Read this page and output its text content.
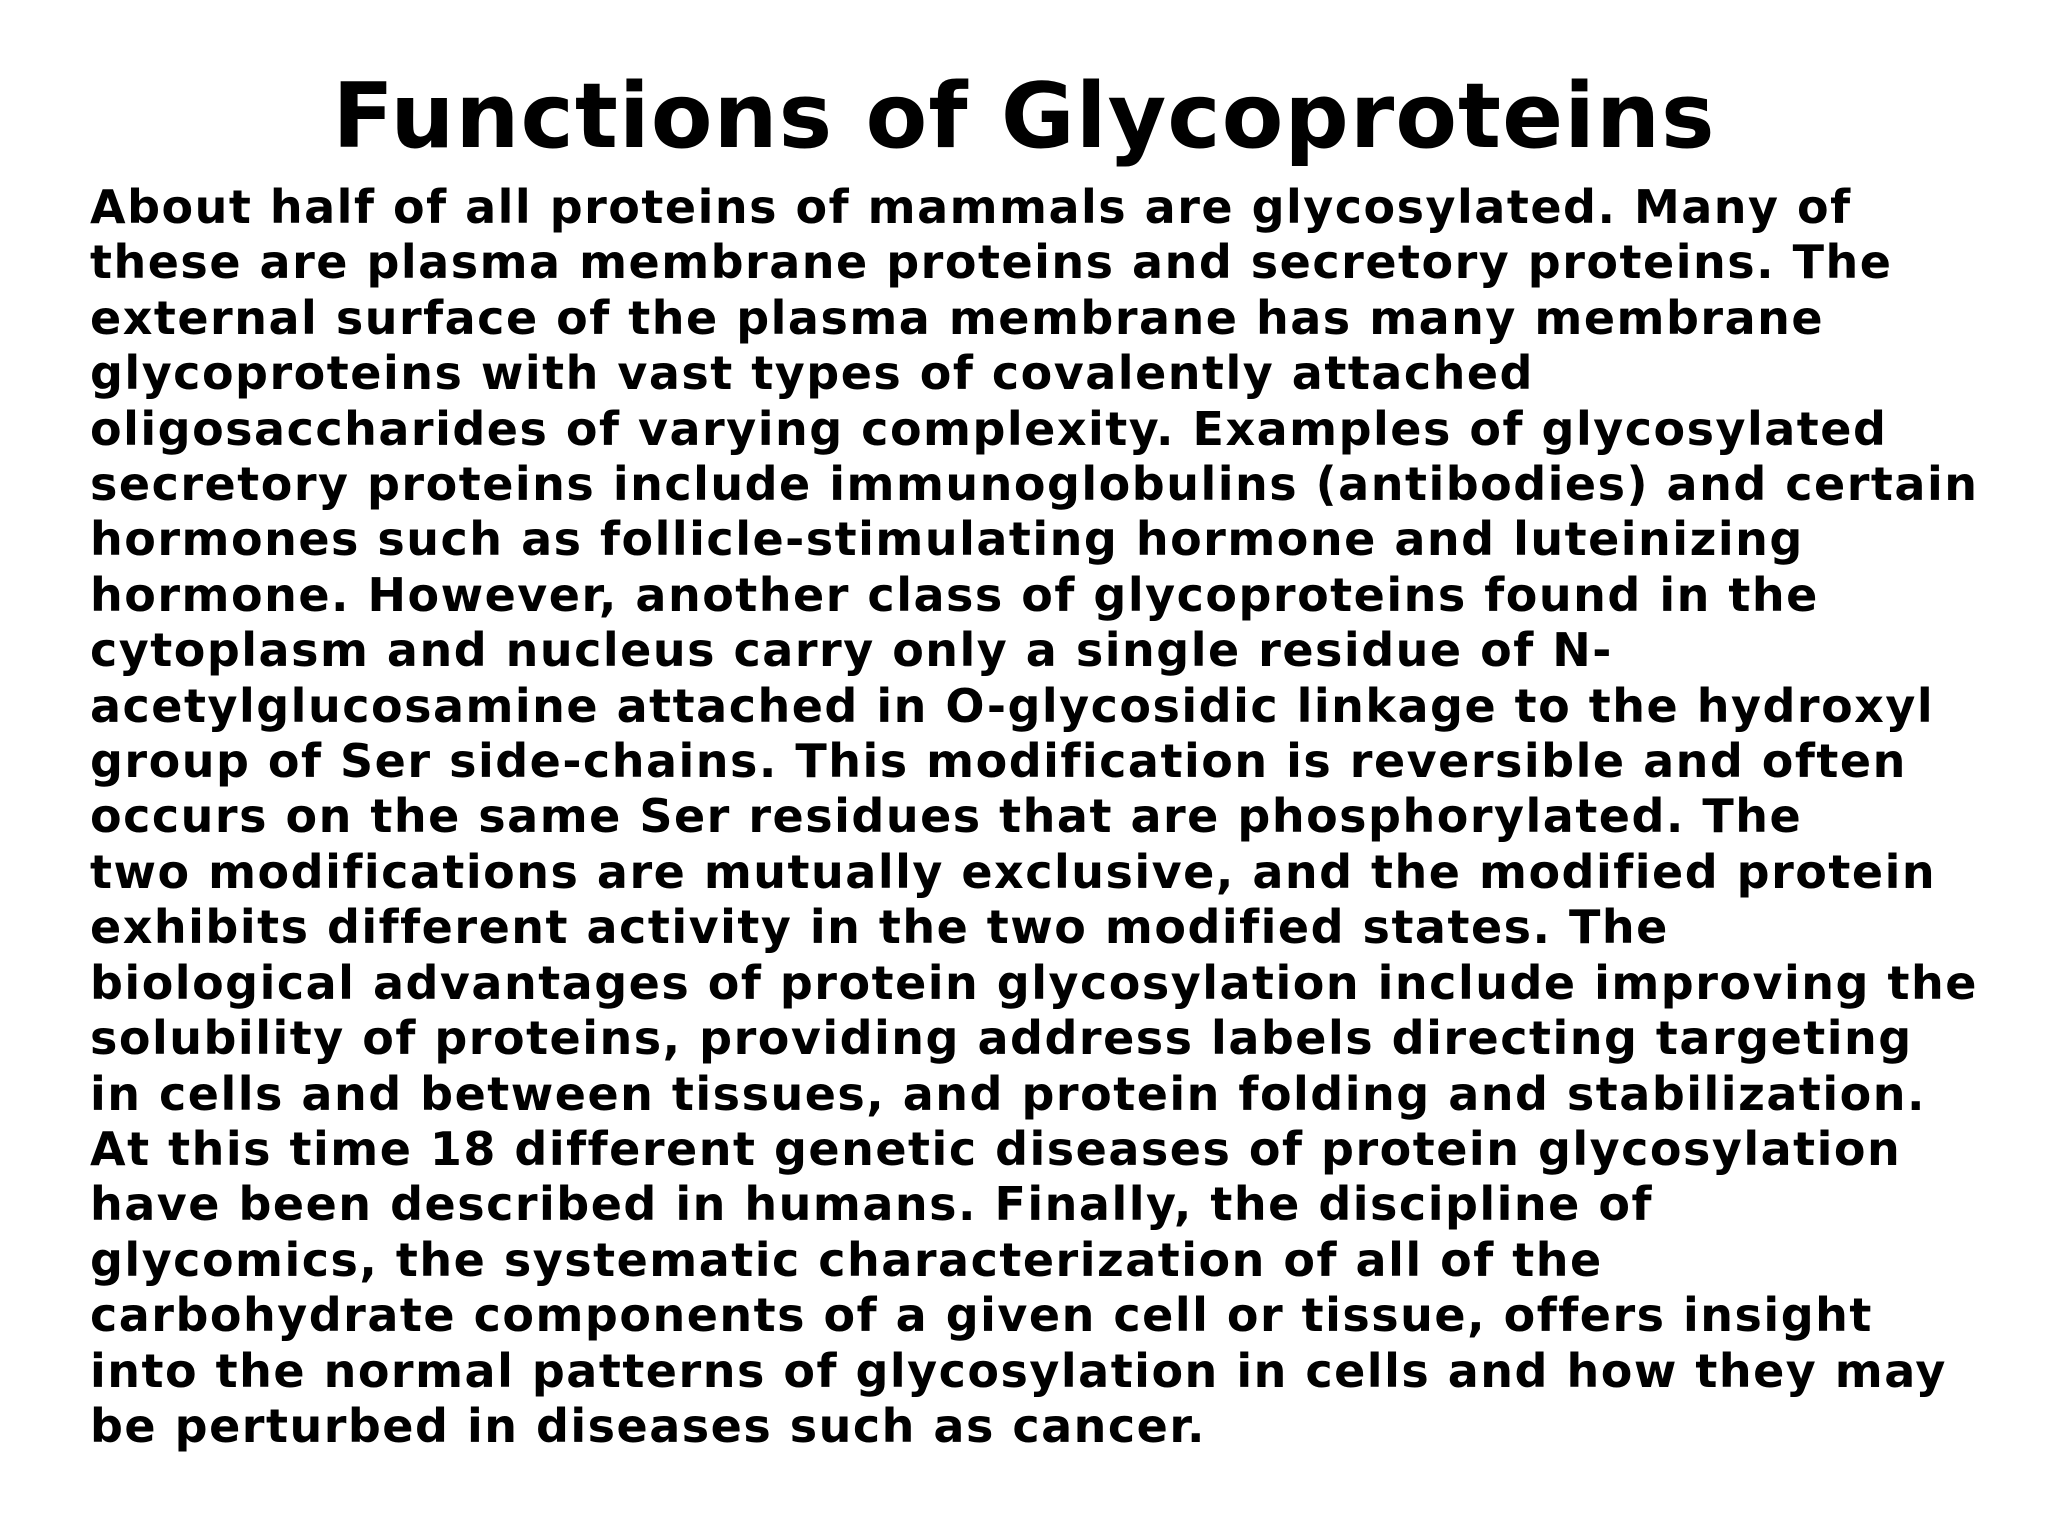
Functions of Glycoproteins
About half of all proteins of mammals are glycosylated. Many of
these are plasma membrane proteins and secretory proteins. The
external surface of the plasma membrane has many membrane
glycoproteins with vast types of covalently attached
oligosaccharides of varying complexity. Examples of glycosylated
secretory proteins include immunoglobulins (antibodies) and certain
hormones such as follicle-stimulating hormone and luteinizing
hormone. However, another class of glycoproteins found in the
cytoplasm and nucleus carry only a single residue of N-
acetylglucosamine attached in O-glycosidic linkage to the hydroxyl
group of Ser side-chains. This modification is reversible and often
occurs on the same Ser residues that are phosphorylated. The
two modifications are mutually exclusive, and the modified protein
exhibits different activity in the two modified states. The
biological advantages of protein glycosylation include improving the
solubility of proteins, providing address labels directing targeting
in cells and between tissues, and protein folding and stabilization.
At this time 18 different genetic diseases of protein glycosylation
have been described in humans. Finally, the discipline of
glycomics, the systematic characterization of all of the
carbohydrate components of a given cell or tissue, offers insight
into the normal patterns of glycosylation in cells and how they may
be perturbed in diseases such as cancer.
